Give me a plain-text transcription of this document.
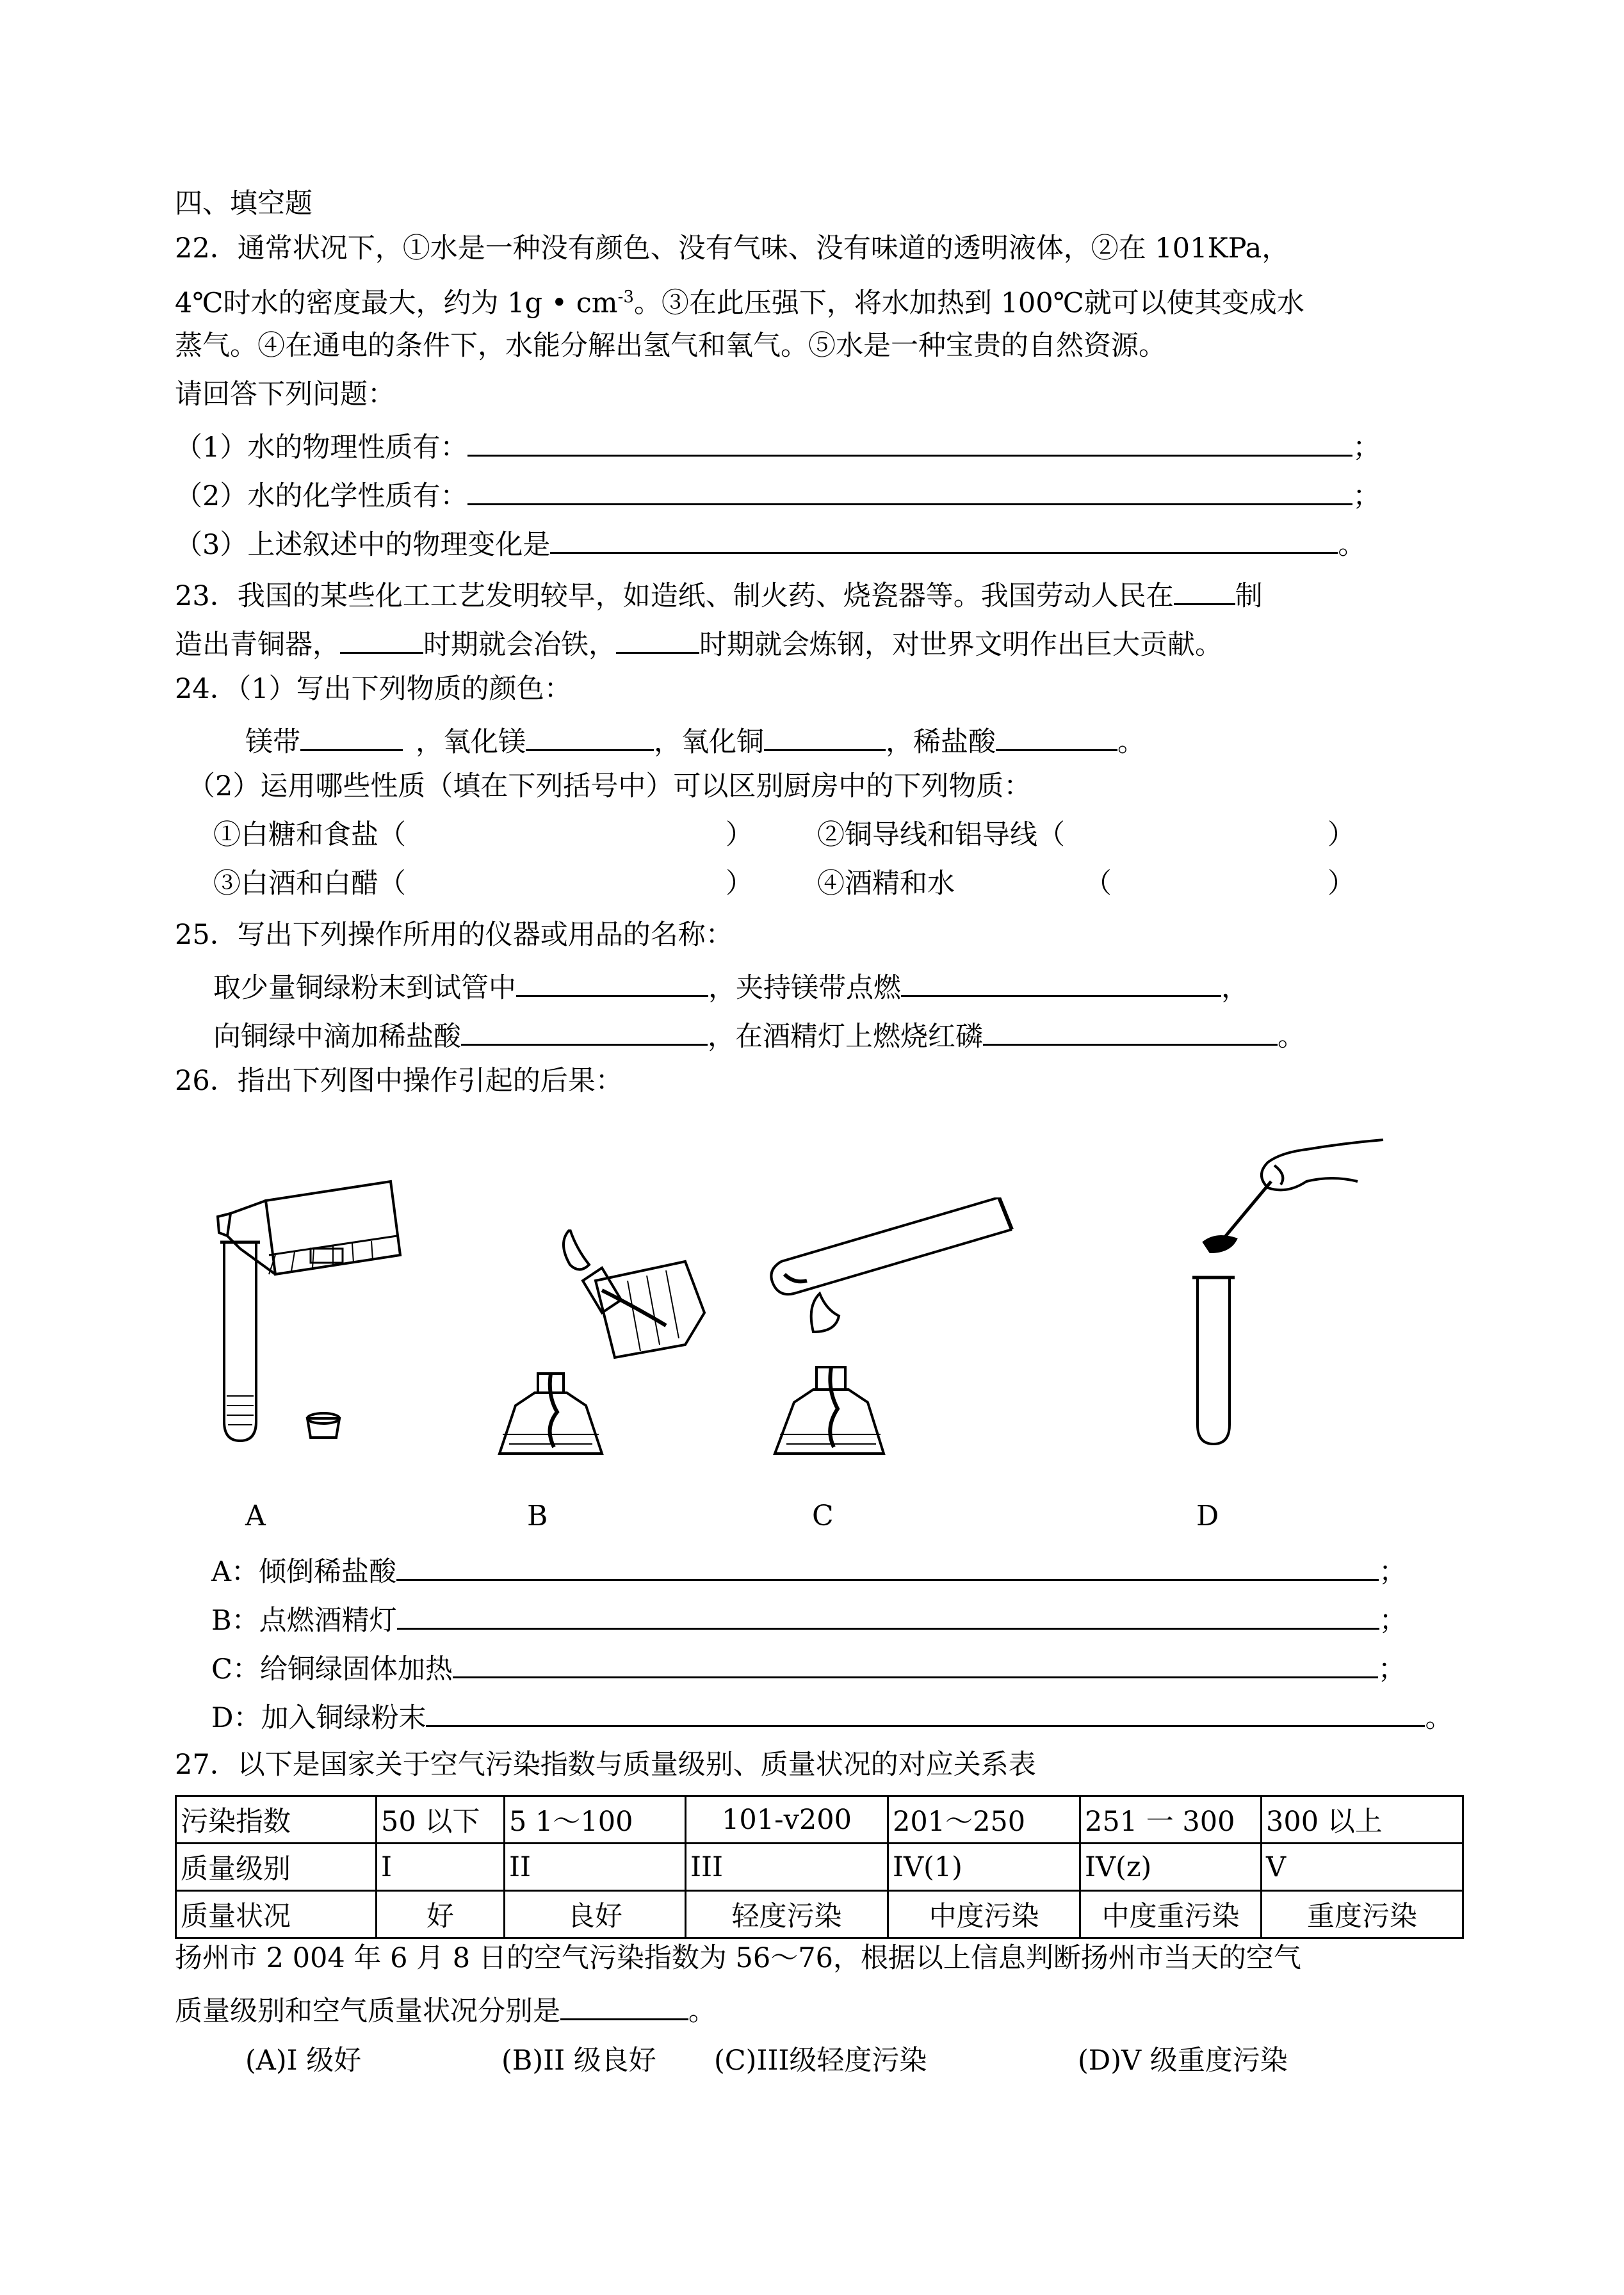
四、填空题
22．通常状况下，①水是一种没有颜色、没有气味、没有味道的透明液体，②在 101KPa，
4℃时水的密度最大，约为 1g • $cm^{-3}$。③在此压强下，将水加热到 100℃就可以使其变成水
蒸气。④在通电的条件下，水能分解出氢气和氧气。⑤水是一种宝贵的自然资源。
请回答下列问题：
（1）水的物理性质有：	；
（2）水的化学性质有：	；
（3）上述叙述中的物理变化是	。
23．我国的某些化工工艺发明较早，如造纸、制火药、烧瓷器等。我国劳动人民在 制
造出青铜器，	时期就会冶铁，	时期就会炼钢，对世界文明作出巨大贡献。
24．（1）写出下列物质的颜色：
镁带	，氧化镁	，氧化铜	，稀盐酸	。
（2）运用哪些性质（填在下列括号中）可以区别厨房中的下列物质：
①白糖和食盐（	） ②铜导线和铝导线（	）
③白酒和白醋（	） ④酒精和水	（	）
25．写出下列操作所用的仪器或用品的名称：
取少量铜绿粉末到试管中	，夹持镁带点燃	，
向铜绿中滴加稀盐酸	，在酒精灯上燃烧红磷	。
26．指出下列图中操作引起的后果：
A	B	C	D
A：倾倒稀盐酸	；
B：点燃酒精灯	；
C：给铜绿固体加热	；
D：加入铜绿粉末	。
27．以下是国家关于空气污染指数与质量级别、质量状况的对应关系表
污染指数	50 以下	5 1～100	101-v200	201～250	251 一 300	300 以上
质量级别	I	II	III	IV(1)	IV(z)	V
质量状况	好	良好	轻度污染	中度污染	中度重污染	重度污染
扬州市 2 004 年 6 月 8 日的空气污染指数为 56～76，根据以上信息判断扬州市当天的空气
质量级别和空气质量状况分别是	。
(A)I 级好	(B)II 级良好 (C)III级轻度污染	(D)V 级重度污染
